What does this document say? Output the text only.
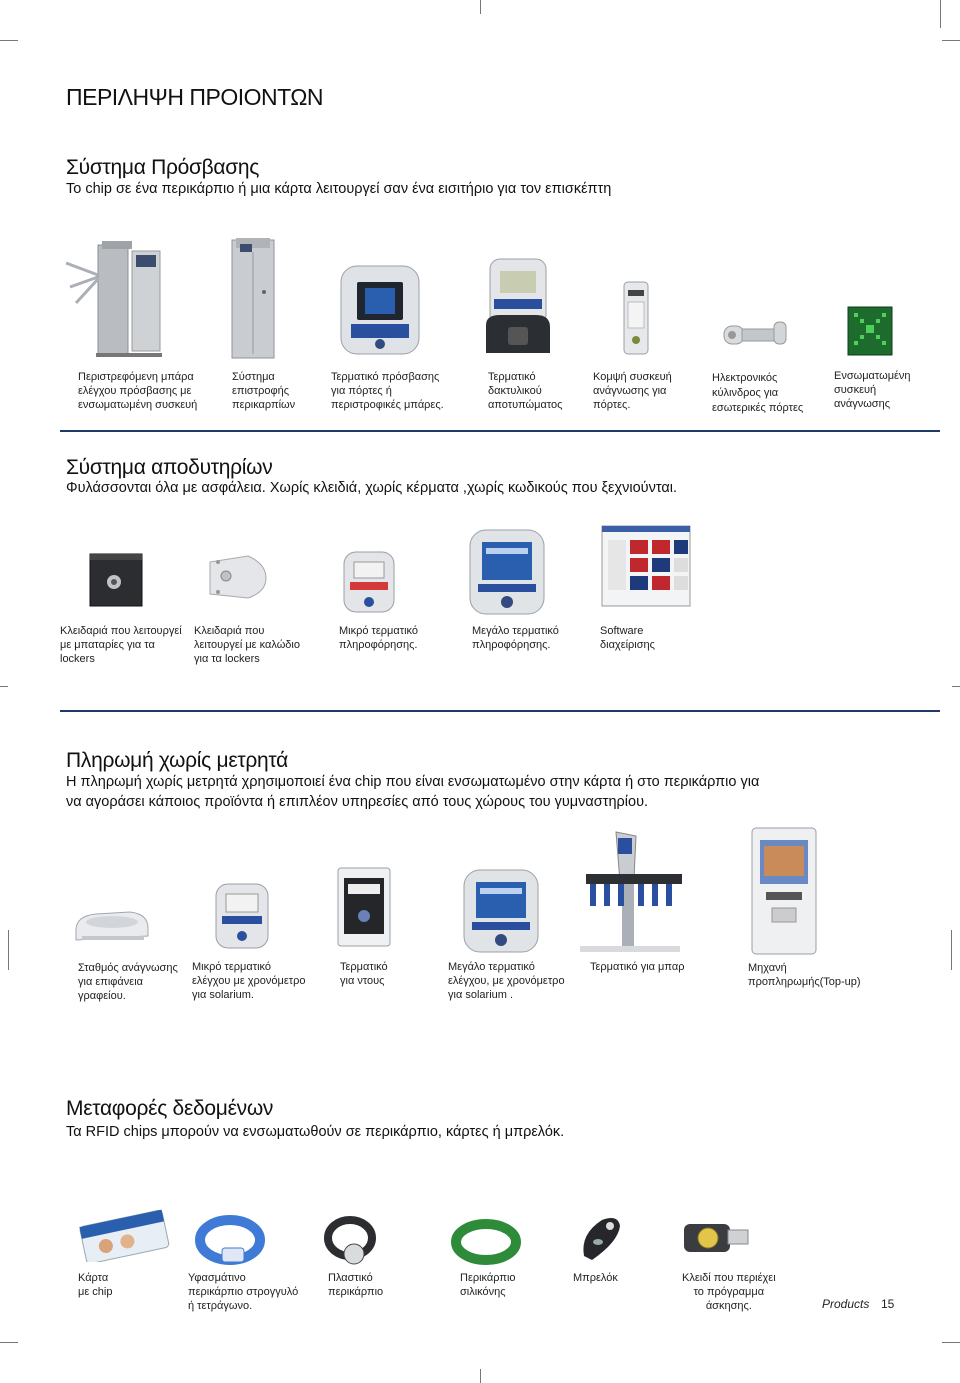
ΠΕΡΙΛΗΨΗ ΠΡΟΙΟΝΤΩΝ
Σύστημα Πρόσβασης
Το chip σε ένα περικάρπιο ή μια κάρτα λειτουργεί σαν ένα εισιτήριο για τον επισκέπτη
Περιστρεφόμενη μπάρα
ελέγχου πρόσβασης με
ενσωματωμένη συσκευή
Σύστημα
επιστροφής
περικαρπίων
Τερματικό πρόσβασης
για πόρτες ή
περιστροφικές μπάρες.
Τερματικό
δακτυλικού
αποτυπώματος
Κομψή συσκευή
ανάγνωσης για
πόρτες.
Ηλεκτρονικός
κύλινδρος για
εσωτερικές πόρτες
Ενσωματωμένη
συσκευή
ανάγνωσης
Σύστημα αποδυτηρίων
Φυλάσσονται όλα με ασφάλεια. Χωρίς κλειδιά, χωρίς κέρματα ,χωρίς κωδικούς που ξεχνιούνται.
Κλειδαριά που λειτουργεί
με μπαταρίες για τα
lockers
Κλειδαριά που
λειτουργεί με καλώδιο
για τα lockers
Μικρό τερματικό
πληροφόρησης.
Μεγάλο τερματικό
πληροφόρησης.
Software
διαχείρισης
Πληρωμή χωρίς μετρητά
Η πληρωμή χωρίς μετρητά χρησιμοποιεί ένα chip που είναι ενσωματωμένο στην κάρτα ή στο περικάρπιο για
να αγοράσει κάποιος προϊόντα ή επιπλέον υπηρεσίες από τους χώρους του γυμναστηρίου.
Σταθμός ανάγνωσης
για επιφάνεια
γραφείου.
Μικρό τερματικό
ελέγχου με χρονόμετρο
για solarium.
Τερματικό
για ντους
Μεγάλο τερματικό
ελέγχου, με χρονόμετρο
για solarium .
Τερματικό για μπαρ	Μηχανή
προπληρωμής(Top-up)
Μεταφορές δεδομένων
Τα RFID chips μπορούν να ενσωματωθούν σε περικάρπιο, κάρτες ή μπρελόκ.
Κάρτα
με chip
Υφασμάτινο
περικάρπιο στρογγυλό
ή τετράγωνο.
Πλαστικό
περικάρπιο
Περικάρπιο
σιλικόνης
Μπρελόκ	Κλειδί που περιέχει
το πρόγραμμα
άσκησης.	Products 15
